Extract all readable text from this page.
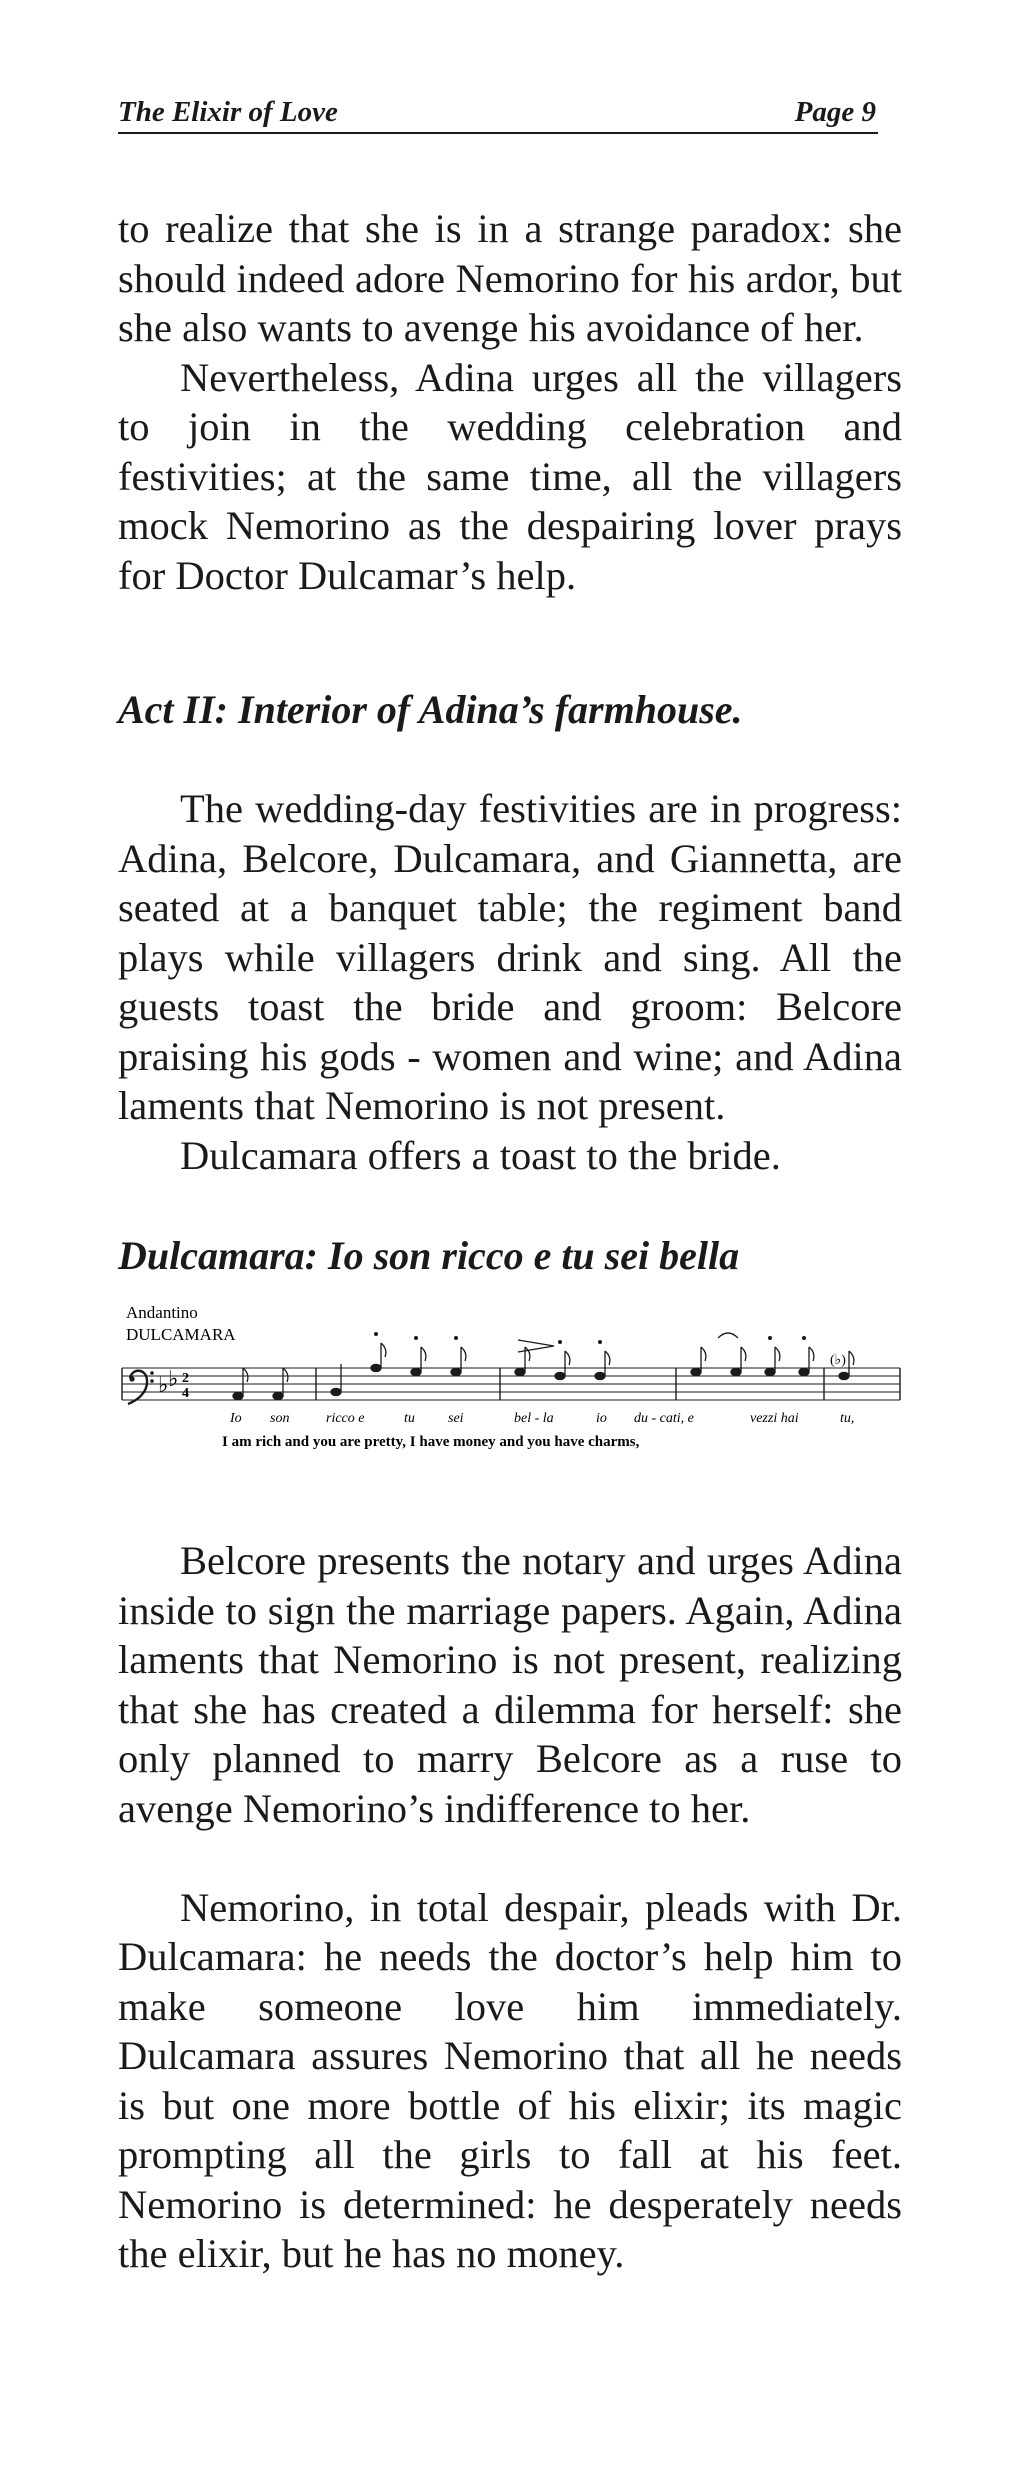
The Elixir of Love	Page 9

to realize that she is in a strange paradox: she should indeed adore Nemorino for his ardor, but she also wants to avenge his avoidance of her.

Nevertheless, Adina urges all the villagers to join in the wedding celebration and festivities; at the same time, all the villagers mock Nemorino as the despairing lover prays for Doctor Dulcamar’s help.

Act II: Interior of Adina’s farmhouse.

The wedding-day festivities are in progress: Adina, Belcore, Dulcamara, and Giannetta, are seated at a banquet table; the regiment band plays while villagers drink and sing. All the guests toast the bride and groom: Belcore praising his gods - women and wine; and Adina laments that Nemorino is not present.

Dulcamara offers a toast to the bride.

Dulcamara: Io son ricco e tu sei bella
Andantino
DULCAMARA
♭ ♭ 2
4
(♭)
Io son	ricco e	tu sei	bel - la	io du - cati, e	vezzi hai	tu,
I am rich and you are pretty, I have money and you have charms,

Belcore presents the notary and urges Adina inside to sign the marriage papers. Again, Adina laments that Nemorino is not present, realizing that she has created a dilemma for herself: she only planned to marry Belcore as a ruse to avenge Nemorino’s indifference to her.

Nemorino, in total despair, pleads with Dr. Dulcamara: he needs the doctor’s help him to make someone love him immediately. Dulcamara assures Nemorino that all he needs is but one more bottle of his elixir; its magic prompting all the girls to fall at his feet. Nemorino is determined: he desperately needs the elixir, but he has no money.
